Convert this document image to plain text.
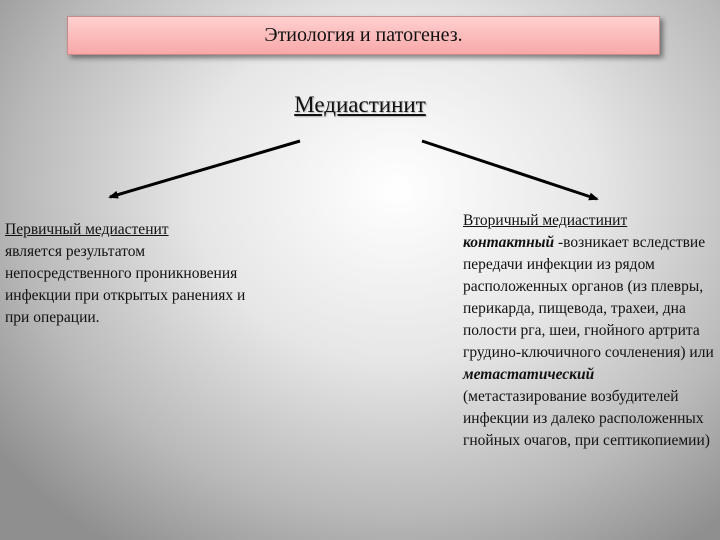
Этиология и патогенез.
Медиастинит
Первичный медиастенит
является результатом непосредственного проникновения инфекции при открытых ранениях и при операции.
Вторичный медиастинит
контактный -возникает вследствие передачи инфекции из рядом расположенных органов (из плевры, перикарда, пищевода, трахеи, дна полости рга, шеи, гнойного артрита грудино-ключичного сочленения) или метастатический (метастазирование возбудителей инфекции из далеко расположенных гнойных очагов, при септикопиемии)
